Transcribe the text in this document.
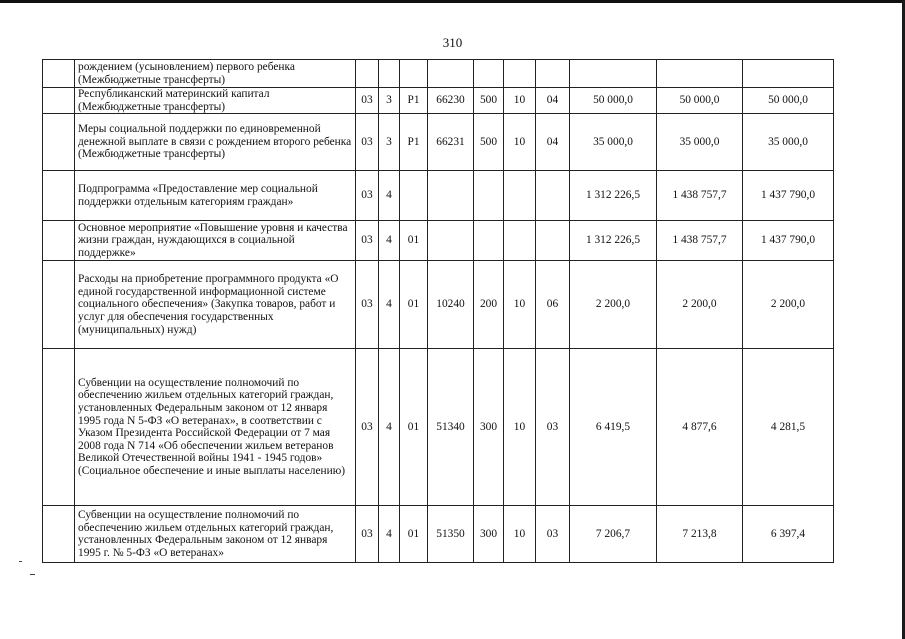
310
	рождением (усыновлением) первого ребенка (Межбюджетные трансферты)										
	Республиканский материнский капитал (Межбюджетные трансферты)	03	3	Р1	66230	500	10	04	50 000,0	50 000,0	50 000,0
	Меры социальной поддержки по единовременной денежной выплате в связи с рождением второго ребенка (Межбюджетные трансферты)	03	3	Р1	66231	500	10	04	35 000,0	35 000,0	35 000,0
	Подпрограмма «Предоставление мер социальной поддержки отдельным категориям граждан»	03	4						1 312 226,5	1 438 757,7	1 437 790,0
	Основное мероприятие «Повышение уровня и качества жизни граждан, нуждающихся в социальной поддержке»	03	4	01					1 312 226,5	1 438 757,7	1 437 790,0
	Расходы на приобретение программного продукта «О единой государственной информационной системе социального обеспечения» (Закупка товаров, работ и услуг для обеспечения государственных (муниципальных) нужд)	03	4	01	10240	200	10	06	2 200,0	2 200,0	2 200,0
	Субвенции на осуществление полномочий по обеспечению жильем отдельных категорий граждан, установленных Федеральным законом от 12 января 1995 года N 5-ФЗ «О ветеранах», в соответствии с Указом Президента Российской Федерации от 7 мая 2008 года N 714 «Об обеспечении жильем ветеранов Великой Отечественной войны 1941 - 1945 годов» (Социальное обеспечение и иные выплаты населению)	03	4	01	51340	300	10	03	6 419,5	4 877,6	4 281,5
	Субвенции на осуществление полномочий по обеспечению жильем отдельных категорий граждан, установленных Федеральным законом от 12 января 1995 г. № 5-ФЗ «О ветеранах»	03	4	01	51350	300	10	03	7 206,7	7 213,8	6 397,4
